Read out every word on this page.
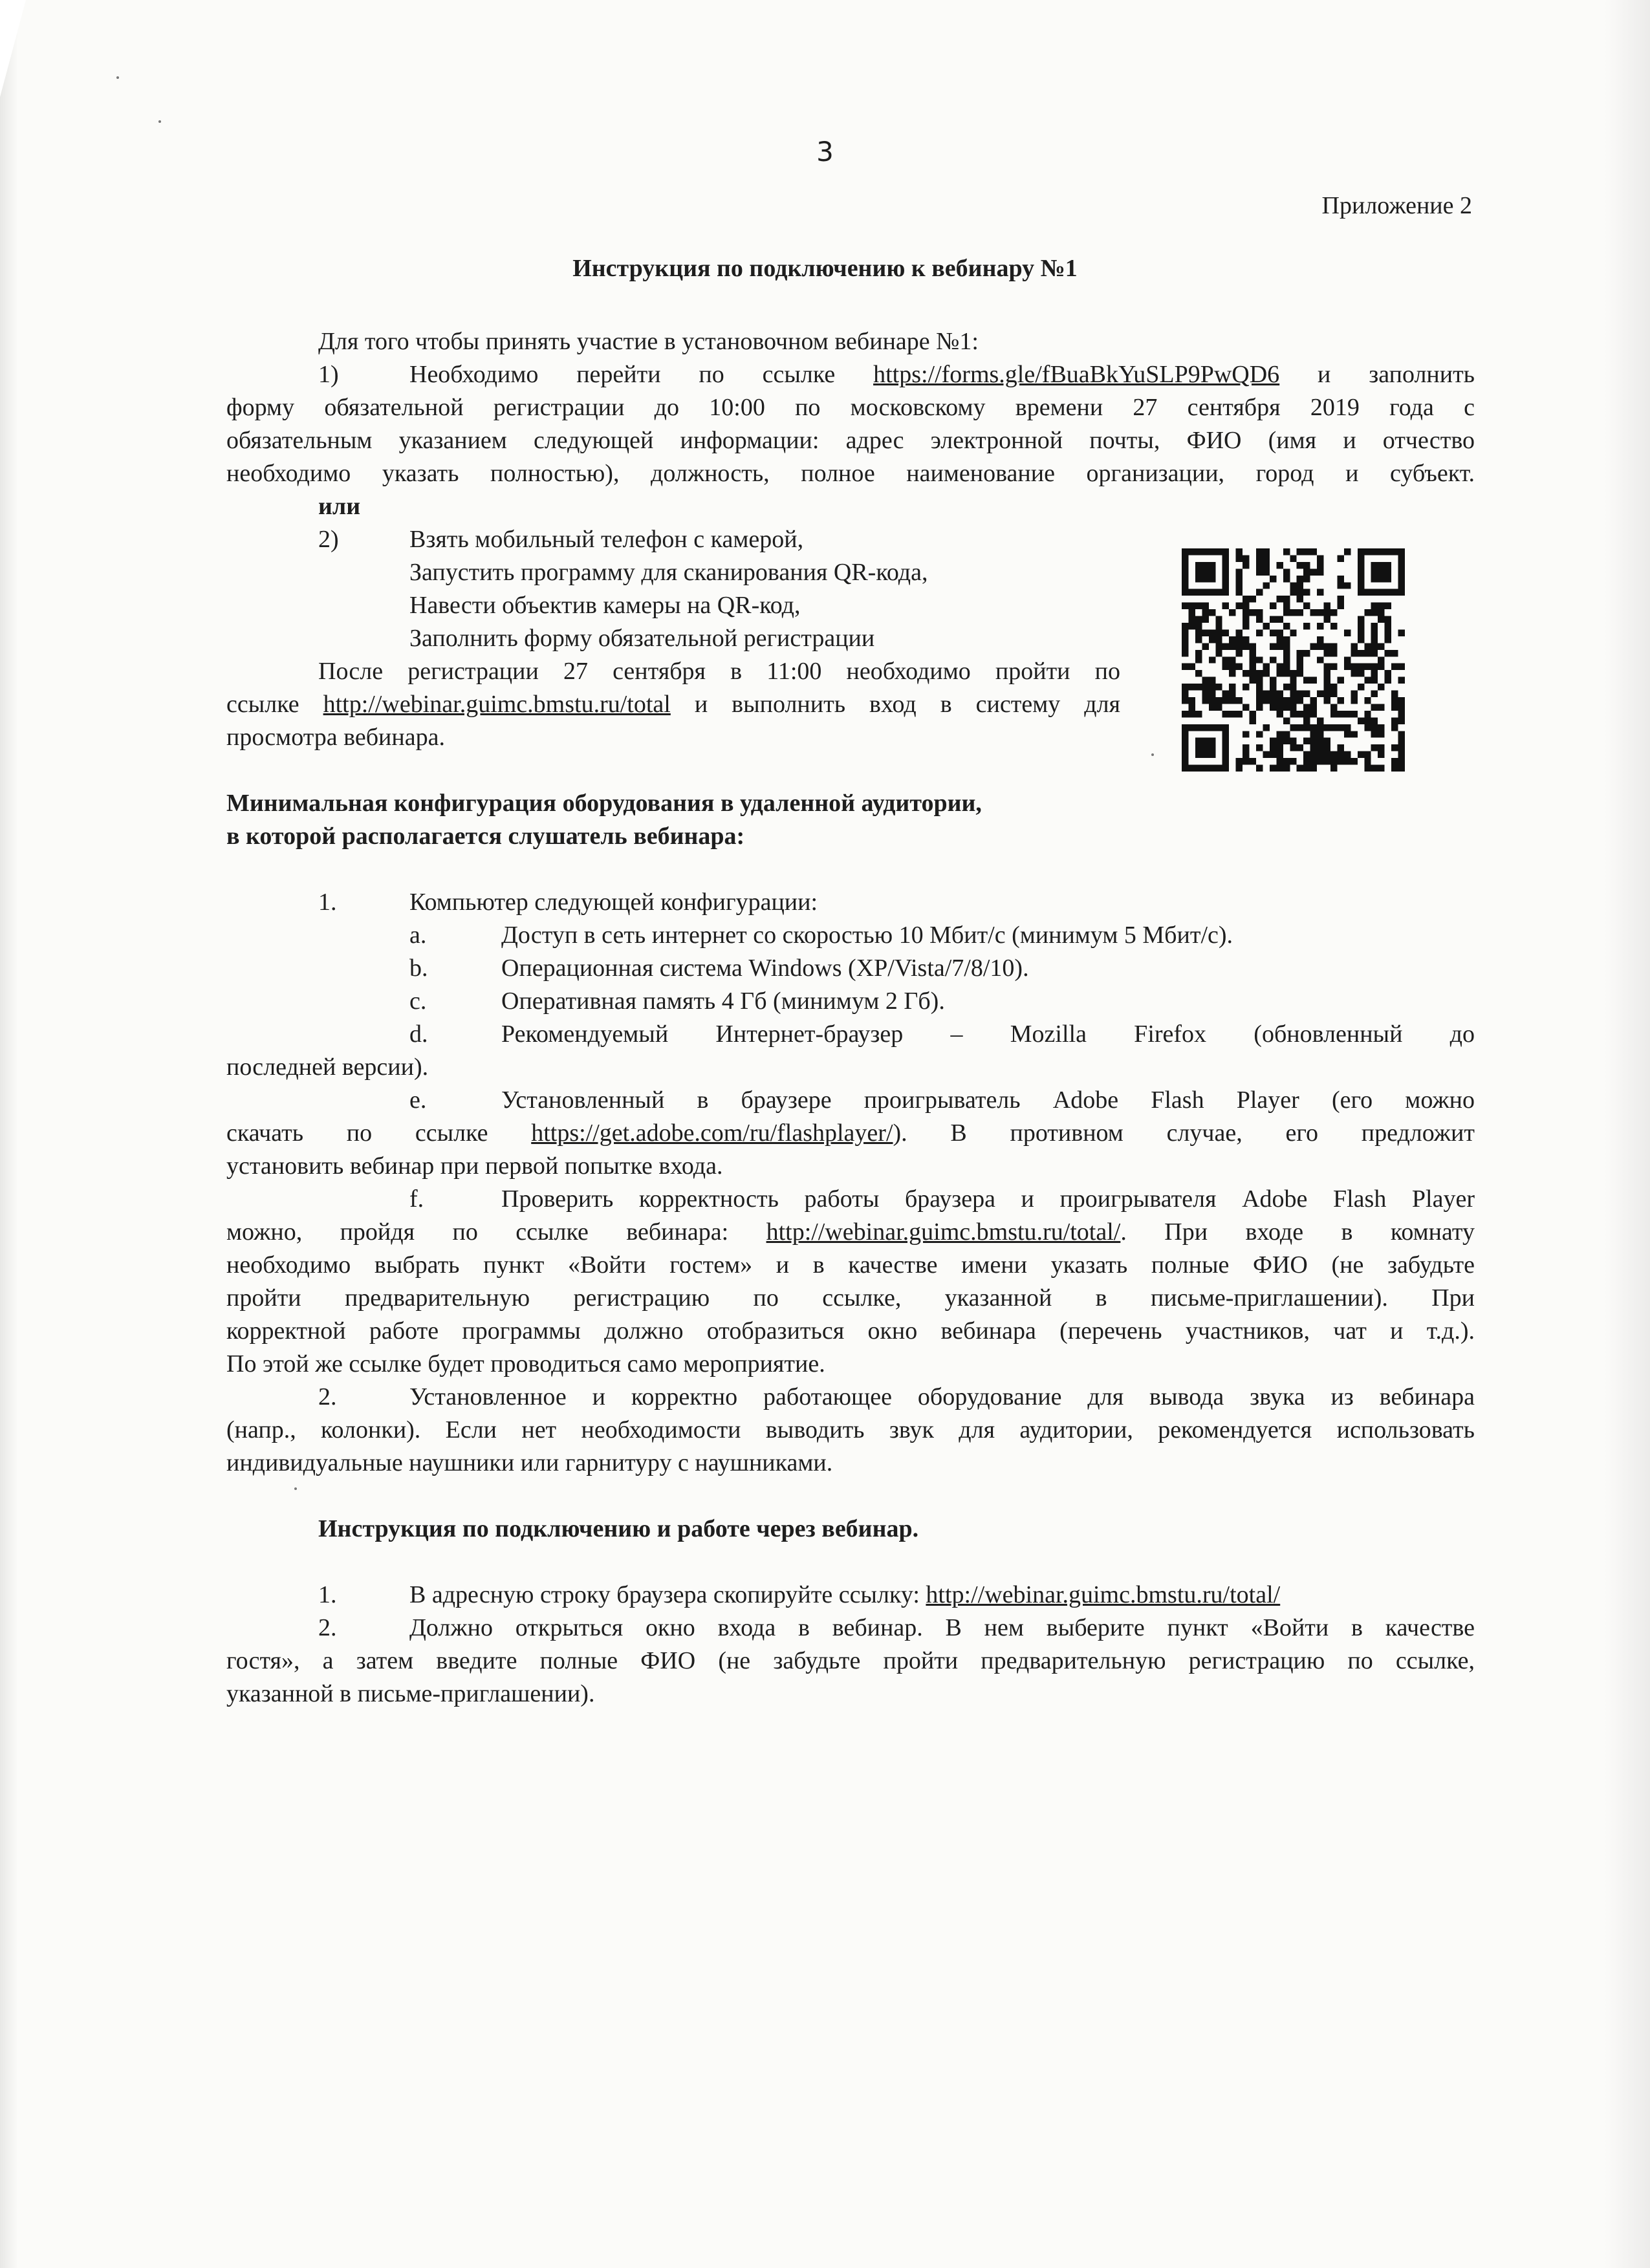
3
Приложение 2
Инструкция по подключению к вебинару №1
Для того чтобы принять участие в установочном вебинаре №1:
1)	Необходимо перейти по ссылке https://forms.gle/fBuaBkYuSLP9PwQD6 и заполнить
форму обязательной регистрации до 10:00 по московскому времени 27 сентября 2019 года с
обязательным указанием следующей информации: адрес электронной почты, ФИО (имя и отчество
необходимо указать полностью), должность, полное наименование организации, город и субъект.
или
2)	Взять мобильный телефон с камерой,
Запустить программу для сканирования QR-кода,
Навести объектив камеры на QR-код,
Заполнить форму обязательной регистрации
После регистрации 27 сентября в 11:00 необходимо пройти по
ссылке http://webinar.guimc.bmstu.ru/total и выполнить вход в систему для
просмотра вебинара.
Минимальная конфигурация оборудования в удаленной аудитории,
в которой располагается слушатель вебинара:
1.	Компьютер следующей конфигурации:
a.	Доступ в сеть интернет со скоростью 10 Мбит/с (минимум 5 Мбит/с).
b.	Операционная система Windows (XP/Vista/7/8/10).
c.	Оперативная память 4 Гб (минимум 2 Гб).
d.	Рекомендуемый Интернет-браузер – Mozilla Firefox (обновленный до
последней версии).
e.	Установленный в браузере проигрыватель Adobe Flash Player (его можно
скачать по ссылке https://get.adobe.com/ru/flashplayer/). В противном случае, его предложит
установить вебинар при первой попытке входа.
f.	Проверить корректность работы браузера и проигрывателя Adobe Flash Player
можно, пройдя по ссылке вебинара: http://webinar.guimc.bmstu.ru/total/. При входе в комнату
необходимо выбрать пункт «Войти гостем» и в качестве имени указать полные ФИО (не забудьте
пройти предварительную регистрацию по ссылке, указанной в письме-приглашении). При
корректной работе программы должно отобразиться окно вебинара (перечень участников, чат и т.д.).
По этой же ссылке будет проводиться само мероприятие.
2.	Установленное и корректно работающее оборудование для вывода звука из вебинара
(напр., колонки). Если нет необходимости выводить звук для аудитории, рекомендуется использовать
индивидуальные наушники или гарнитуру с наушниками.
Инструкция по подключению и работе через вебинар.
1.	В адресную строку браузера скопируйте ссылку: http://webinar.guimc.bmstu.ru/total/
2.	Должно открыться окно входа в вебинар. В нем выберите пункт «Войти в качестве
гостя», а затем введите полные ФИО (не забудьте пройти предварительную регистрацию по ссылке,
указанной в письме-приглашении).
